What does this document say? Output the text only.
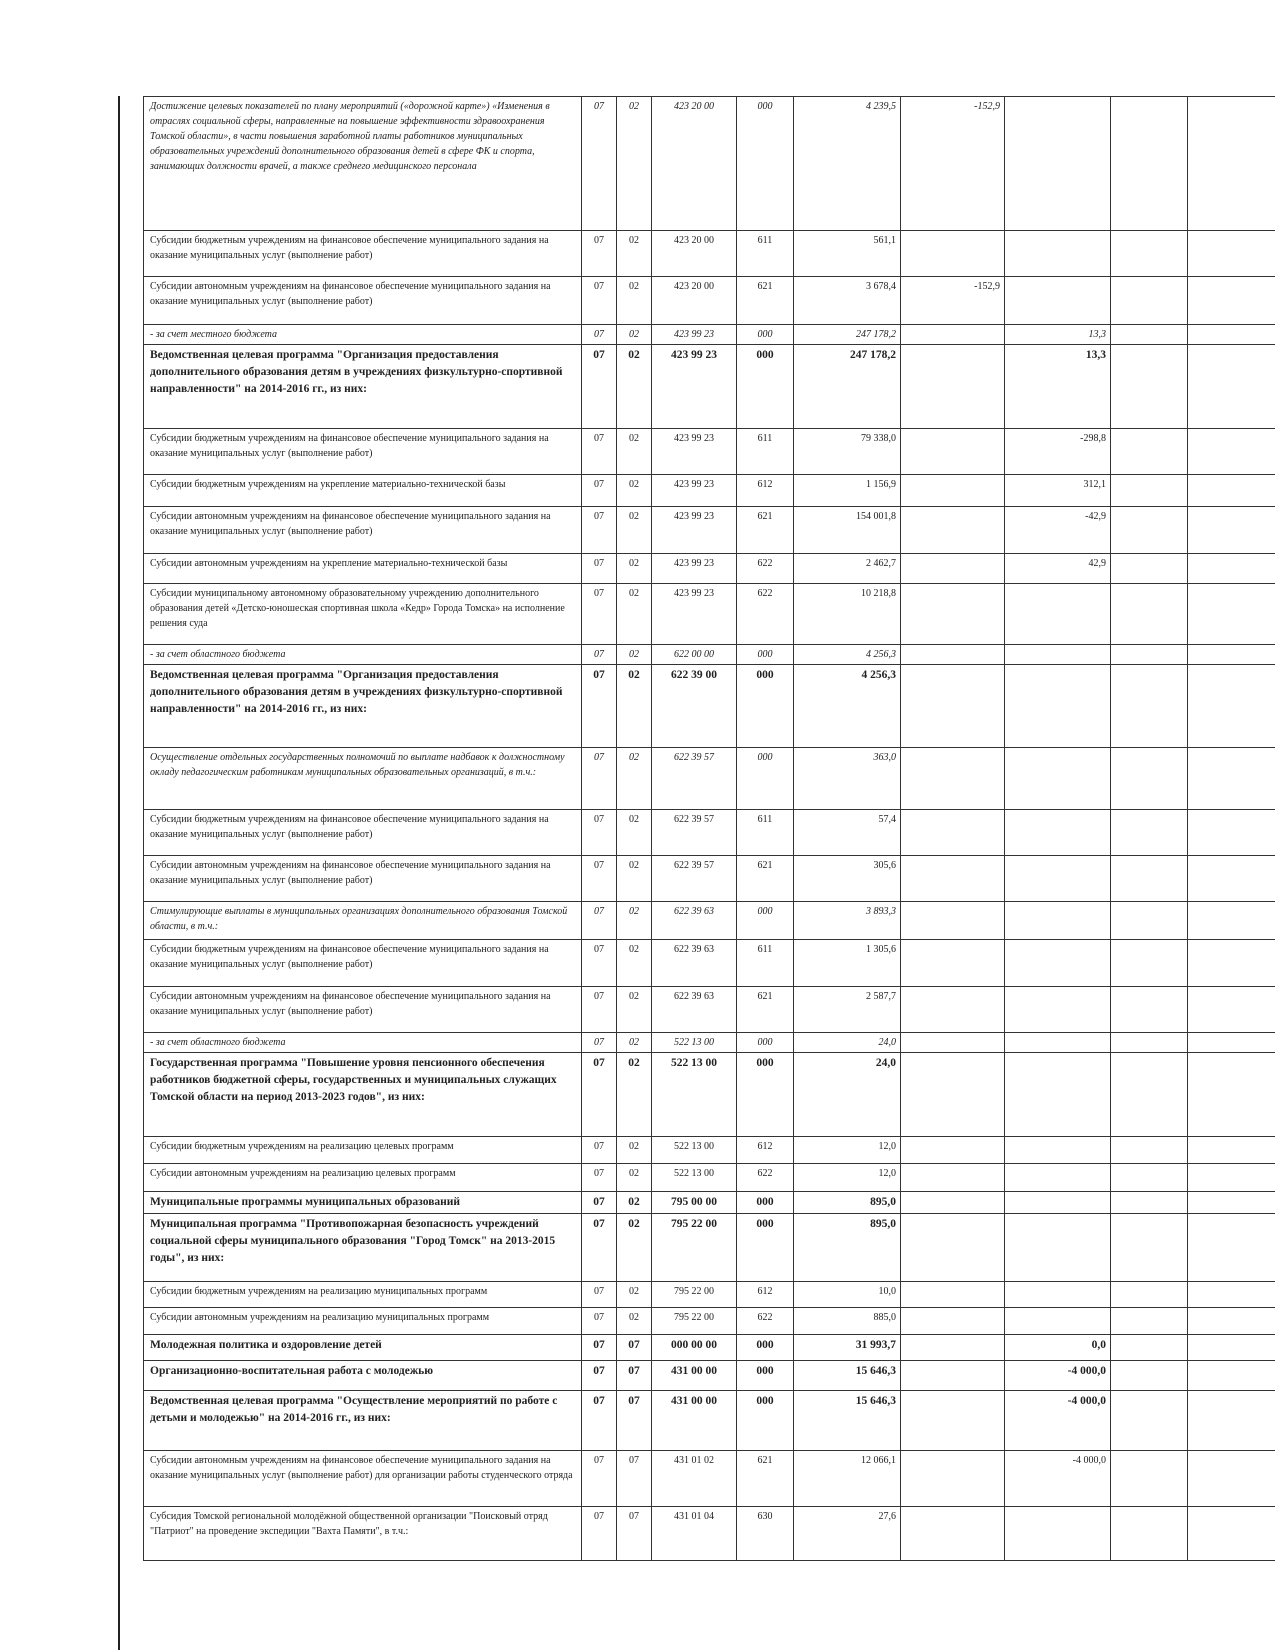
Достижение целевых показателей по плану мероприятий («дорожной карте») «Изменения в отраслях социальной сферы, направленные на повышение эффективности здравоохранения Томской области», в части повышения заработной платы работников муниципальных образовательных учреждений дополнительного образования детей в сфере ФК и спорта, занимающих должности врачей, а также среднего медицинского персонала	07	02	423 20 00	000	4 239,5	-152,9			
Субсидии бюджетным учреждениям на финансовое обеспечение муниципального задания на оказание муниципальных услуг (выполнение работ)	07	02	423 20 00	611	561,1				
Субсидии автономным учреждениям на финансовое обеспечение муниципального задания на оказание муниципальных услуг (выполнение работ)	07	02	423 20 00	621	3 678,4	-152,9			
- за счет местного бюджета	07	02	423 99 23	000	247 178,2		13,3		
Ведомственная целевая программа "Организация предоставления дополнительного образования детям в учреждениях физкультурно-спортивной направленности" на 2014-2016 гг., из них:	07	02	423 99 23	000	247 178,2		13,3		
Субсидии бюджетным учреждениям на финансовое обеспечение муниципального задания на оказание муниципальных услуг (выполнение работ)	07	02	423 99 23	611	79 338,0		-298,8		
Субсидии бюджетным учреждениям на укрепление материально-технической базы	07	02	423 99 23	612	1 156,9		312,1		
Субсидии автономным учреждениям на финансовое обеспечение муниципального задания на оказание муниципальных услуг (выполнение работ)	07	02	423 99 23	621	154 001,8		-42,9		
Субсидии автономным учреждениям на укрепление материально-технической базы	07	02	423 99 23	622	2 462,7		42,9		
Субсидии муниципальному автономному образовательному учреждению дополнительного образования детей «Детско-юношеская спортивная школа «Кедр» Города Томска» на исполнение решения суда	07	02	423 99 23	622	10 218,8				
- за счет областного бюджета	07	02	622 00 00	000	4 256,3				
Ведомственная целевая программа "Организация предоставления дополнительного образования детям в учреждениях физкультурно-спортивной направленности" на 2014-2016 гг., из них:	07	02	622 39 00	000	4 256,3				
Осуществление отдельных государственных полномочий по выплате надбавок к должностному окладу педагогическим работникам муниципальных образовательных организаций, в т.ч.:	07	02	622 39 57	000	363,0				
Субсидии бюджетным учреждениям на финансовое обеспечение муниципального задания на оказание муниципальных услуг (выполнение работ)	07	02	622 39 57	611	57,4				
Субсидии автономным учреждениям на финансовое обеспечение муниципального задания на оказание муниципальных услуг (выполнение работ)	07	02	622 39 57	621	305,6				
Стимулирующие выплаты в муниципальных организациях дополнительного образования Томской области, в т.ч.:	07	02	622 39 63	000	3 893,3				
Субсидии бюджетным учреждениям на финансовое обеспечение муниципального задания на оказание муниципальных услуг (выполнение работ)	07	02	622 39 63	611	1 305,6				
Субсидии автономным учреждениям на финансовое обеспечение муниципального задания на оказание муниципальных услуг (выполнение работ)	07	02	622 39 63	621	2 587,7				
- за счет областного бюджета	07	02	522 13 00	000	24,0				
Государственная программа "Повышение уровня пенсионного обеспечения работников бюджетной сферы, государственных и муниципальных служащих Томской области на период 2013-2023 годов", из них:	07	02	522 13 00	000	24,0				
Субсидии бюджетным учреждениям на реализацию целевых программ	07	02	522 13 00	612	12,0				
Субсидии автономным учреждениям на реализацию целевых программ	07	02	522 13 00	622	12,0				
Муниципальные программы муниципальных образований	07	02	795 00 00	000	895,0				
Муниципальная программа "Противопожарная безопасность учреждений социальной сферы муниципального образования "Город Томск" на 2013-2015 годы", из них:	07	02	795 22 00	000	895,0				
Субсидии бюджетным учреждениям на реализацию муниципальных программ	07	02	795 22 00	612	10,0				
Субсидии автономным учреждениям на реализацию муниципальных программ	07	02	795 22 00	622	885,0				
Молодежная политика и оздоровление детей	07	07	000 00 00	000	31 993,7		0,0		
Организационно-воспитательная работа с молодежью	07	07	431 00 00	000	15 646,3		-4 000,0		
Ведомственная целевая программа "Осуществление мероприятий по работе с детьми и молодежью" на 2014-2016 гг., из них:	07	07	431 00 00	000	15 646,3		-4 000,0		
Субсидии автономным учреждениям на финансовое обеспечение муниципального задания на оказание муниципальных услуг (выполнение работ) для организации работы студенческого отряда	07	07	431 01 02	621	12 066,1		-4 000,0		
Субсидия Томской региональной молодёжной общественной организации "Поисковый отряд "Патриот" на проведение экспедиции "Вахта Памяти", в т.ч.:	07	07	431 01 04	630	27,6				
